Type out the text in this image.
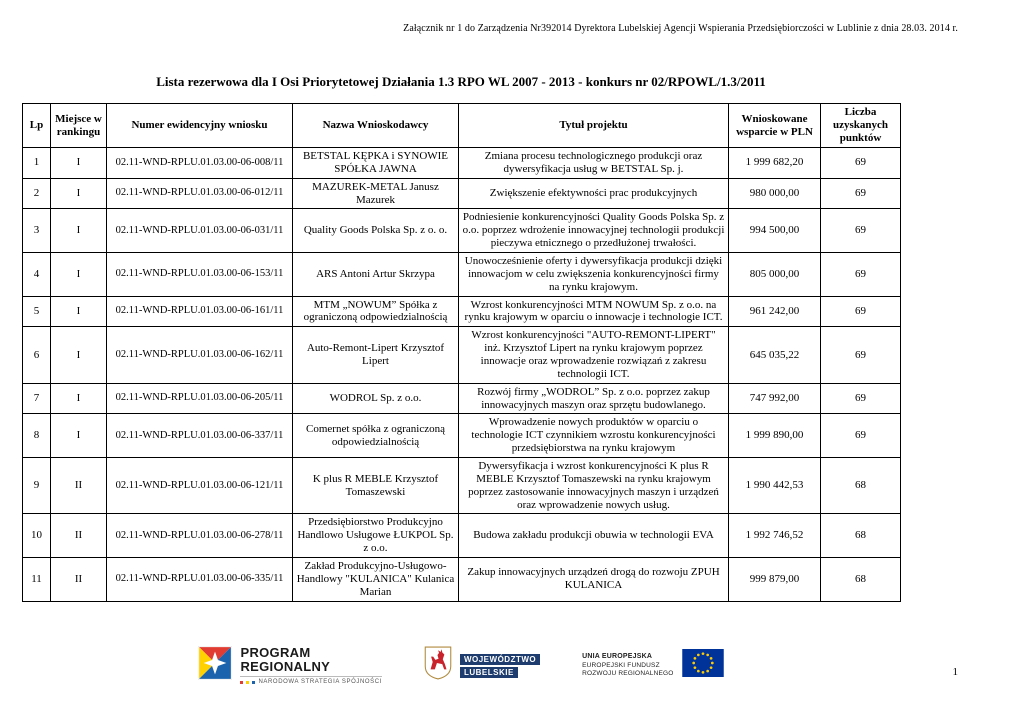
Załącznik nr 1 do Zarządzenia Nr392014 Dyrektora Lubelskiej Agencji Wspierania Przedsiębiorczości w Lublinie z dnia 28.03. 2014 r.
Lista rezerwowa dla I Osi Priorytetowej Działania 1.3 RPO WL 2007 - 2013 - konkurs nr 02/RPOWL/1.3/2011
Lp	Miejsce w rankingu	Numer ewidencyjny wniosku	Nazwa Wnioskodawcy	Tytuł projektu	Wnioskowane wsparcie w PLN	Liczba uzyskanych punktów
1	I	02.11-WND-RPLU.01.03.00-06-008/11	BETSTAL KĘPKA i SYNOWIE SPÓŁKA JAWNA	Zmiana procesu technologicznego produkcji oraz dywersyfikacja usług w BETSTAL Sp. j.	1 999 682,20	69
2	I	02.11-WND-RPLU.01.03.00-06-012/11	MAZUREK-METAL Janusz Mazurek	Zwiększenie efektywności prac produkcyjnych	980 000,00	69
3	I	02.11-WND-RPLU.01.03.00-06-031/11	Quality Goods Polska Sp. z o. o.	Podniesienie konkurencyjności Quality Goods Polska Sp. z o.o. poprzez wdrożenie innowacyjnej technologii produkcji pieczywa etnicznego o przedłużonej trwałości.	994 500,00	69
4	I	02.11-WND-RPLU.01.03.00-06-153/11	ARS Antoni Artur Skrzypa	Unowocześnienie oferty i dywersyfikacja produkcji dzięki innowacjom w celu zwiększenia konkurencyjności firmy na rynku krajowym.	805 000,00	69
5	I	02.11-WND-RPLU.01.03.00-06-161/11	MTM „NOWUM” Spółka z ograniczoną odpowiedzialnością	Wzrost konkurencyjności MTM NOWUM Sp. z o.o. na rynku krajowym w oparciu o innowacje i technologie ICT.	961 242,00	69
6	I	02.11-WND-RPLU.01.03.00-06-162/11	Auto-Remont-Lipert Krzysztof Lipert	Wzrost konkurencyjności "AUTO-REMONT-LIPERT" inż. Krzysztof Lipert na rynku krajowym poprzez innowacje oraz wprowadzenie rozwiązań z zakresu technologii ICT.	645 035,22	69
7	I	02.11-WND-RPLU.01.03.00-06-205/11	WODROL Sp. z o.o.	Rozwój firmy „WODROL” Sp. z o.o. poprzez zakup innowacyjnych maszyn oraz sprzętu budowlanego.	747 992,00	69
8	I	02.11-WND-RPLU.01.03.00-06-337/11	Comernet spółka z ograniczoną odpowiedzialnością	Wprowadzenie nowych produktów w oparciu o technologie ICT czynnikiem wzrostu konkurencyjności przedsiębiorstwa na rynku krajowym	1 999 890,00	69
9	II	02.11-WND-RPLU.01.03.00-06-121/11	K plus R MEBLE Krzysztof Tomaszewski	Dywersyfikacja i wzrost konkurencyjności K plus R MEBLE Krzysztof Tomaszewski na rynku krajowym poprzez zastosowanie innowacyjnych maszyn i urządzeń oraz wprowadzenie nowych usług.	1 990 442,53	68
10	II	02.11-WND-RPLU.01.03.00-06-278/11	Przedsiębiorstwo Produkcyjno Handlowo Usługowe ŁUKPOL Sp. z o.o.	Budowa zakładu produkcji obuwia w technologii EVA	1 992 746,52	68
11	II	02.11-WND-RPLU.01.03.00-06-335/11	Zakład Produkcyjno-Usługowo-Handlowy "KULANICA" Kulanica Marian	Zakup innowacyjnych urządzeń drogą do rozwoju ZPUH KULANICA	999 879,00	68
PROGRAM
REGIONALNY
NARODOWA STRATEGIA SPÓJNOŚCI
WOJEWÓDZTWO
LUBELSKIE
UNIA EUROPEJSKA
EUROPEJSKI FUNDUSZ
ROZWOJU REGIONALNEGO	1
